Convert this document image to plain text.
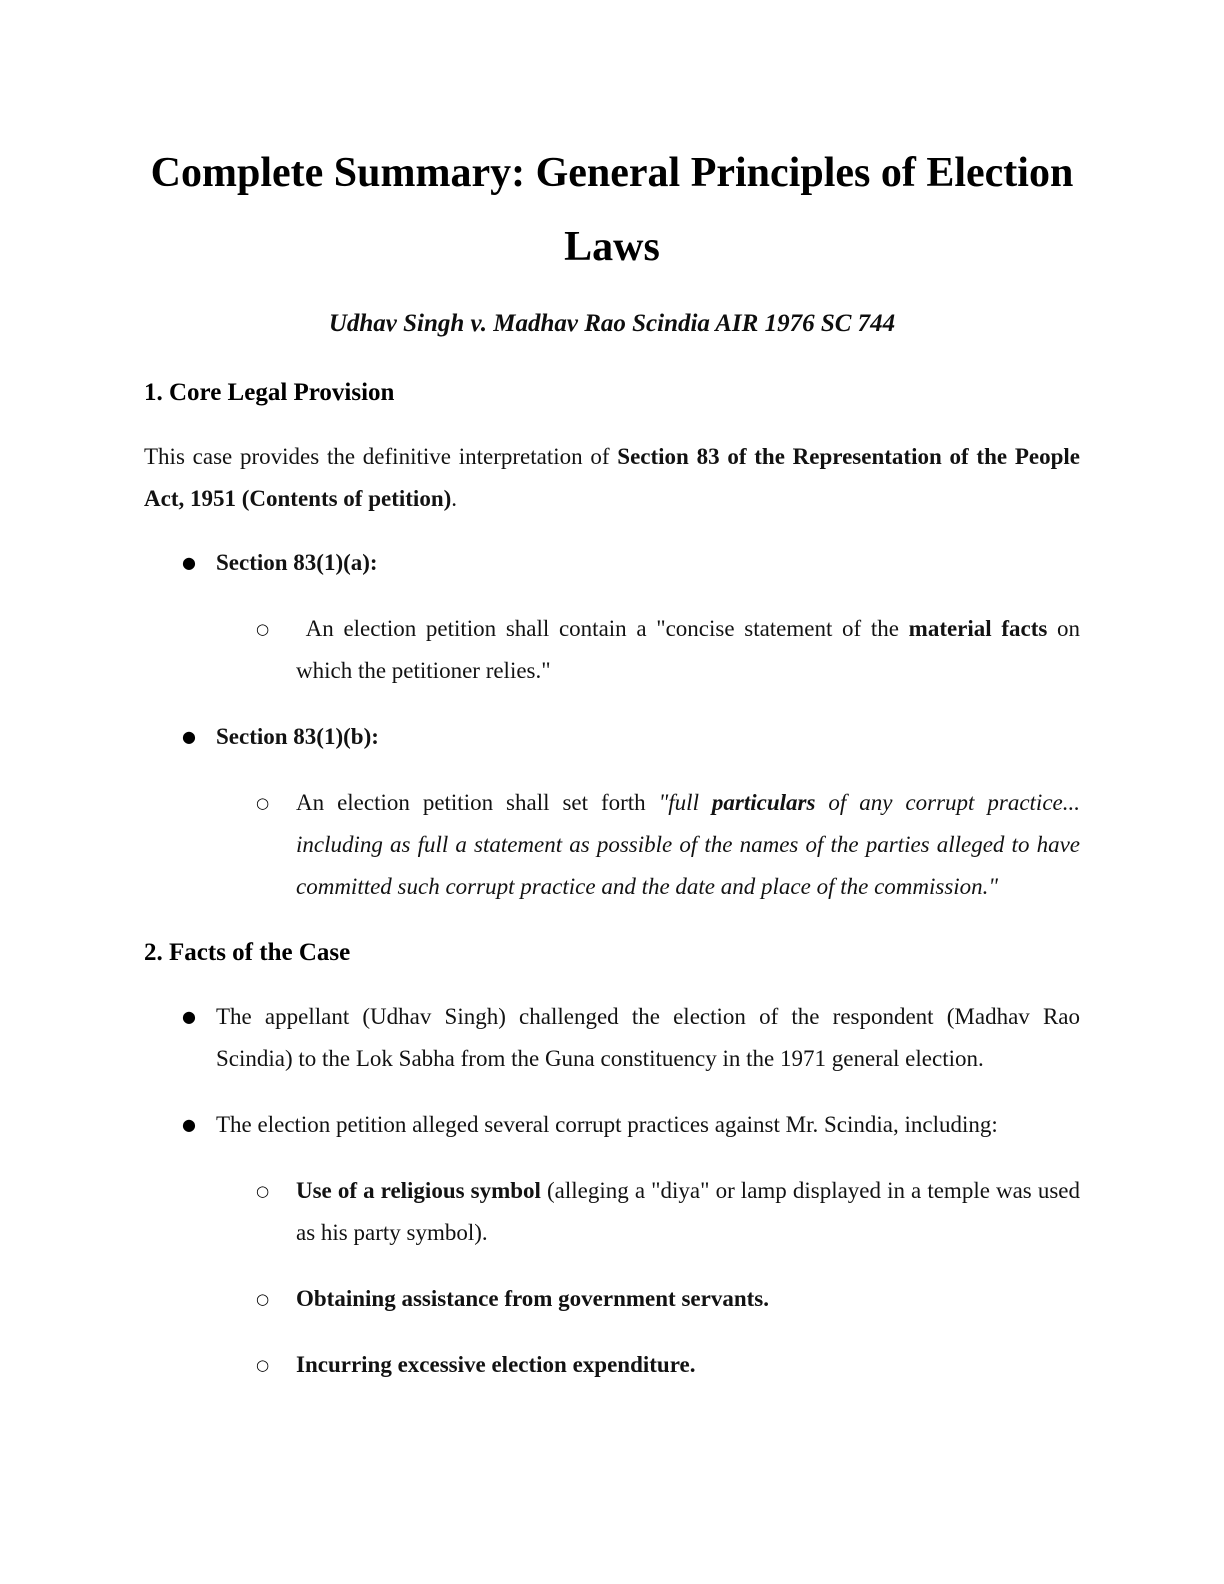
Complete Summary: General Principles of Election
Laws

Udhav Singh v. Madhav Rao Scindia AIR 1976 SC 744

1. Core Legal Provision

This case provides the definitive interpretation of Section 83 of the Representation of the People Act, 1951 (Contents of petition).

● Section 83(1)(a):
○ An election petition shall contain a "concise statement of the material facts on which the petitioner relies."
● Section 83(1)(b):
○ An election petition shall set forth "full particulars of any corrupt practice... including as full a statement as possible of the names of the parties alleged to have committed such corrupt practice and the date and place of the commission."
2. Facts of the Case
● The appellant (Udhav Singh) challenged the election of the respondent (Madhav Rao Scindia) to the Lok Sabha from the Guna constituency in the 1971 general election.
● The election petition alleged several corrupt practices against Mr. Scindia, including:
○ Use of a religious symbol (alleging a "diya" or lamp displayed in a temple was used as his party symbol).
○ Obtaining assistance from government servants.
○ Incurring excessive election expenditure.
